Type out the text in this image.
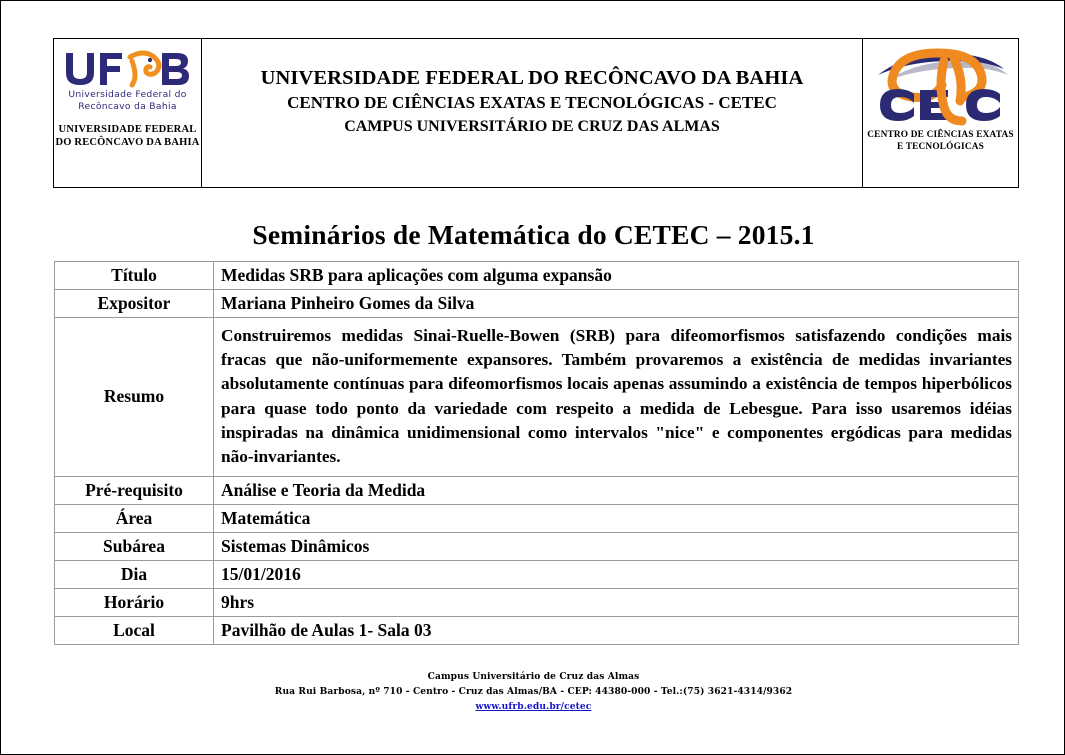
Universidade Federal do
Recôncavo da Bahia
UNIVERSIDADE FEDERAL
DO RECÔNCAVO DA BAHIA
UNIVERSIDADE FEDERAL DO RECÔNCAVO DA BAHIA
CENTRO DE CIÊNCIAS EXATAS E TECNOLÓGICAS - CETEC
CAMPUS UNIVERSITÁRIO DE CRUZ DAS ALMAS	CENTRO DE CIÊNCIAS EXATAS
E TECNOLÓGICAS
Seminários de Matemática do CETEC – 2015.1
Título	Medidas SRB para aplicações com alguma expansão
Expositor	Mariana Pinheiro Gomes da Silva
Resumo	Construiremos medidas Sinai-Ruelle-Bowen (SRB) para difeomorfismos satisfazendo condições mais fracas que não-uniformemente expansores. Também provaremos a existência de medidas invariantes absolutamente contínuas para difeomorfismos locais apenas assumindo a existência de tempos hiperbólicos para quase todo ponto da variedade com respeito a medida de Lebesgue. Para isso usaremos idéias inspiradas na dinâmica unidimensional como intervalos "nice" e componentes ergódicas para medidas não-invariantes.
Pré-requisito	Análise e Teoria da Medida
Área	Matemática
Subárea	Sistemas Dinâmicos
Dia	15/01/2016
Horário	9hrs
Local	Pavilhão de Aulas 1- Sala 03
Campus Universitário de Cruz das Almas
Rua Rui Barbosa, nº 710 - Centro - Cruz das Almas/BA - CEP: 44380-000 - Tel.:(75) 3621-4314/9362
www.ufrb.edu.br/cetec
